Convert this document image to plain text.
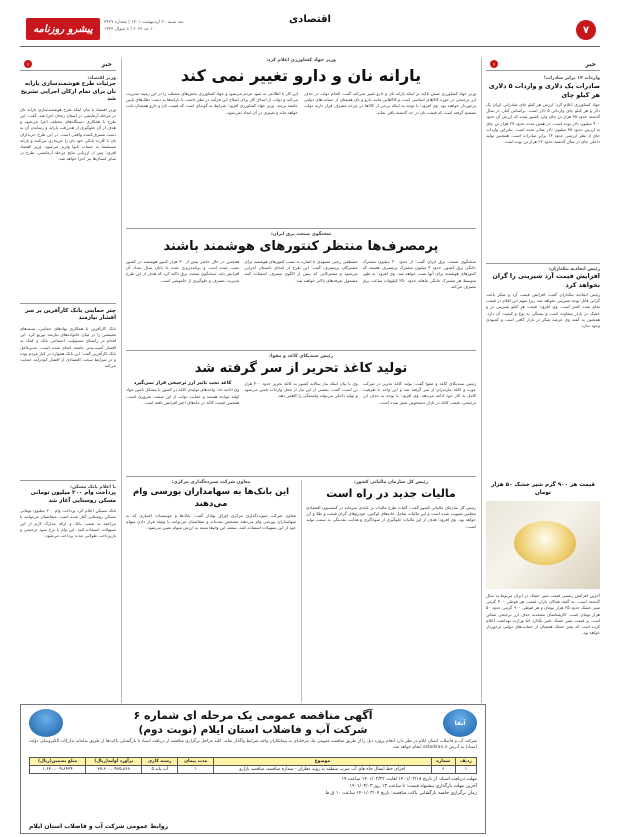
۷
اقتصادی
پیشرو روزنامه
سه شنبه ۲۰ اردیبهشت ۱۴۰۱ | شماره ۳۴۲۷
۱۰ مه ۲۰۲۲ | ۸ شوال ۱۴۴۳
خبر
‹
واردات ۱۴ برابر صادرات!
صادرات یک دلاری و واردات ۵ دلاری هر کیلو چای
جهاد کشاورزی اعلام کرد: ارزش هر کیلو چای صادراتی ایران یک دلار و هر کیلو چای وارداتی ۵ دلار است. براساس آمار، در سال گذشته حدود ۷۸ هزار تن چای وارد کشور شده که ارزش آن حدود ۴۰۰ میلیون دلار بوده است. در همین مدت حدود ۲۷ هزار تن چای به ارزش حدود ۳۸ میلیون دلار صادر شده است. بنابراین واردات چای از نظر ارزشی حدود ۱۴ برابر صادرات است. همچنین تولید داخلی چای در سال گذشته حدود ۲۶ هزار تن بوده است.
رئیس اتحادیه بنکداران:
افزایش قیمت آرد شیرینی را گران نخواهد کرد
رئیس اتحادیه بنکداران گفت: افزایش قیمت آرد و شکر باعث گرانی قابل توجه شیرینی نخواهد شد زیرا سهم این اقلام در قیمت تمام شده کمتر است. وی افزود: قیمت هر کیلو شیرینی تر و خشک در بازار متفاوت است و بستگی به نوع و کیفیت آن دارد. همچنین به گفته وی عرضه شکر در بازار کافی است و کمبودی وجود ندارد.
قیمت هر ۹۰۰ گرم شیر خشک ۵۰ هزار تومان
آخرین افزایش رسمی قیمت شیر خشک در ایران مربوط به سال گذشته است. به گفته فعالان بازار، قیمت هر قوطی ۴۰۰ گرمی شیر خشک حدود ۲۵ هزار تومان و هر قوطی ۹۰۰ گرمی حدود ۵۰ هزار تومان است. کارشناسان معتقدند حذف ارز ترجیحی ممکن است بر قیمت شیر خشک تاثیر بگذارد اما وزارت بهداشت اعلام کرده است که شیر خشک همچنان از حمایت‌های دولتی برخوردار خواهد بود.
خبر
‹
وزیر اقتصاد:
جزئیات طرح هوشمندسازی یارانه نان برای تمام ارکان اجرایی تشریح شد
وزیر اقتصاد با بیان اینکه طرح هوشمندسازی یارانه نان در مرحله آزمایشی در استان زنجان اجرا شد، گفت: این طرح با همکاری دستگاه‌های مختلف اجرا می‌شود و هدف از آن جلوگیری از هدررفت یارانه و رساندن آن به دست مصرف‌کننده واقعی است. در این طرح خریداران نان با کارت بانکی خود نان را خریداری می‌کنند و یارانه مستقیما به حساب نانوا واریز می‌شود. وزیر اقتصاد افزود: پس از ارزیابی نتایج مرحله آزمایشی، طرح در سایر استان‌ها نیز اجرا خواهد شد.
چتر حمایتی بانک کارآفرین بر سر اقشار نیازمند
بانک کارآفرین با همکاری نهادهای حمایتی، بسته‌های معیشتی را در میان خانواده‌های نیازمند توزیع کرد. این اقدام در راستای مسئولیت اجتماعی بانک و کمک به اقشار آسیب‌پذیر جامعه انجام شده است. مدیرعامل بانک کارآفرین گفت: این بانک همواره در کنار مردم بوده و در شرایط سخت اقتصادی از اقشار کم‌درآمد حمایت می‌کند.
با اعلام بانک مسکن:
پرداخت وام ۲۰۰ میلیون تومانی مسکن روستایی آغاز شد
بانک مسکن اعلام کرد پرداخت وام ۲۰۰ میلیون تومانی مسکن روستایی آغاز شده است. متقاضیان می‌توانند با مراجعه به شعب بانک و ارائه مدارک لازم از این تسهیلات استفاده کنند. این وام با نرخ سود ترجیحی و بازپرداخت طولانی مدت پرداخت می‌شود.
وزیر جهاد کشاورزی اعلام کرد:
یارانه نان و دارو تغییر نمی کند
وزیر جهاد کشاورزی ضمن تاکید بر اینکه یارانه نان و دارو تغییر نمی‌کند گفت: اقدام دولت در حذف ارز ترجیحی در حوزه کالاهای اساسی است و کالاهایی مانند دارو و نان همچنان از حمایت‌های دولتی برخوردار خواهند بود. وی افزود: با توجه به اینکه برخی از کالاها در چرخه مصرف قرار دارند دولت تصمیم گرفته است که قیمت نان در حد گذشته باقی بماند.
این کار با اطلاعی به سود مردم می‌شود و جهاد کشاورزی بخش‌های مختلف را در این زمینه مدیریت می‌کند و دولت از ابتدای کار برای اصلاح این فرآیند در نظر داشت تا یارانه‌ها به دست دهک‌های پایین جامعه برسد. وزیر جهاد کشاورزی افزود: شرایط به گونه‌ای است که قیمت نان و دارو همچنان ثابت خواهد ماند و تغییری در آن ایجاد نمی‌شود.
سخنگوی صنعت برق ایران:
پرمصرف‌ها منتظر کنتورهای هوشمند باشند
سخنگوی صنعت برق ایران گفت: از حدود ۲۰ میلیون مشترک خانگی برق کشور، حدود ۴ میلیون مشترک پرمصرف هستند که کنتورهای هوشمند برای آنها نصب خواهد شد. وی افزود: به طور متوسط هر مشترک خانگی ماهانه حدود ۲۵۰ کیلووات ساعت برق مصرف می‌کند.
مصطفی رجبی مشهدی با اشاره به نصب کنتورهای هوشمند برای مشترکان پرمصرف گفت: این طرح از ابتدای تابستان اجرایی می‌شود و مشترکانی که بیش از الگوی مصرف استفاده کنند مشمول تعرفه‌های بالاتر خواهند شد.
همچنین در حال حاضر بیش از ۳۰ هزار کنتور هوشمند در کشور نصب شده است و برنامه‌ریزی شده تا پایان سال تعداد آن افزایش یابد. سخنگوی صنعت برق تاکید کرد که هدف از این طرح مدیریت مصرف و جلوگیری از خاموشی است.
رئیس سندیکای کاغذ و مقوا:
تولید کاغذ تحریر از سر گرفته شد
رئیس سندیکای کاغذ و مقوا گفت: تولید کاغذ تحریر در شرکت چوب و کاغذ مازندران از سر گرفته شد و این واحد با ظرفیت کامل به کار خود ادامه می‌دهد. وی افزود: با توجه به حذف ارز ترجیحی، قیمت کاغذ در بازار دستخوش تغییر شده است.
وی با بیان اینکه نیاز سالانه کشور به کاغذ تحریر حدود ۴۰۰ هزار تن است، گفت: بخشی از این نیاز از محل واردات تامین می‌شود و تولید داخلی می‌تواند وابستگی را کاهش دهد.
کاغذ تحت تاثیر ارز ترجیحی قرار نمی‌گیرد
وی ادامه داد: واحدهای تولیدی کاغذ در کشور با مشکل تامین مواد اولیه مواجه هستند و حمایت دولت از این صنعت ضروری است. همچنین قیمت کاغذ در ماه‌های اخیر افزایش یافته است.
رئیس کل سازمان مالیاتی کشور:
مالیات جدید در راه است
رئیس کل سازمان مالیاتی کشور گفت: کلیات طرح مالیات بر عایدی سرمایه در کمیسیون اقتصادی مجلس تصویب شده است و این مالیات شامل خانه‌های لوکس، خودروهای گران قیمت و طلا و ارز خواهد بود. وی افزود: هدف از این مالیات جلوگیری از سوداگری و هدایت نقدینگی به سمت تولید است.
معاون شرکت سپرده‌گذاری مرکزی:
این بانک‌ها به سهامداران بورسی وام می‌دهند
معاون شرکت سپرده‌گذاری مرکزی اوراق بهادار گفت: بانک‌ها و موسسات اعتباری که به سهامداران بورسی وام می‌دهند مشخص شده‌اند و متقاضیان می‌توانند با وثیقه قرار دادن سهام خود از این تسهیلات استفاده کنند. سقف این وام‌ها بسته به ارزش سهام تعیین می‌شود.
آبفا
آگهی مناقصه عمومی یک مرحله ای شماره ۶
شرکت آب و فاضلاب استان ایلام (نوبت دوم)
شرکت آب و فاضلاب استان ایلام در نظر دارد انجام پروژه ذیل را از طریق مناقصه عمومی یک مرحله‌ای به پیمانکاران واجد شرایط واگذار نماید. کلیه مراحل برگزاری مناقصه از دریافت اسناد تا بازگشایی پاکت‌ها از طریق سامانه تدارکات الکترونیکی دولت (ستاد) به آدرس setadiran.ir انجام خواهد شد.
ردیف	شماره	موضوع	مدت پیمان	رشته کاری	برآورد اولیه(ریال)	مبلغ تضمین(ریال)
۱	۶	اجرای خط انتقال چاه های آب شرب منطقه یه روبه دهلران - شماره مناقصه، مناقصه بازارو	۱	آب پایه ۵	۳۷،۶۰۰،۰۹۶۵،۸۶۸	۱،۶۳۰،۰۰۹،۸۴۳۴
مهلت دریافت اسناد: از تاریخ ۱۴۰۱/۰۲/۱۸ لغایت ۱۴۰۱/۰۲/۲۲ ساعت ۱۹
آخرین مهلت بارگذاری پیشنهاد قیمت: تا ساعت ۱۳ روز ۱۴۰۱/۰۳/۰۳
زمان برگزاری جلسه بازگشایی پاکت مناقصه: تاریخ ۱۴۰۱/۰۳/۰۷ ساعت ۱۰ ق.ظ
روابط عمومی شرکت آب و فاضلاب استان ایلام
